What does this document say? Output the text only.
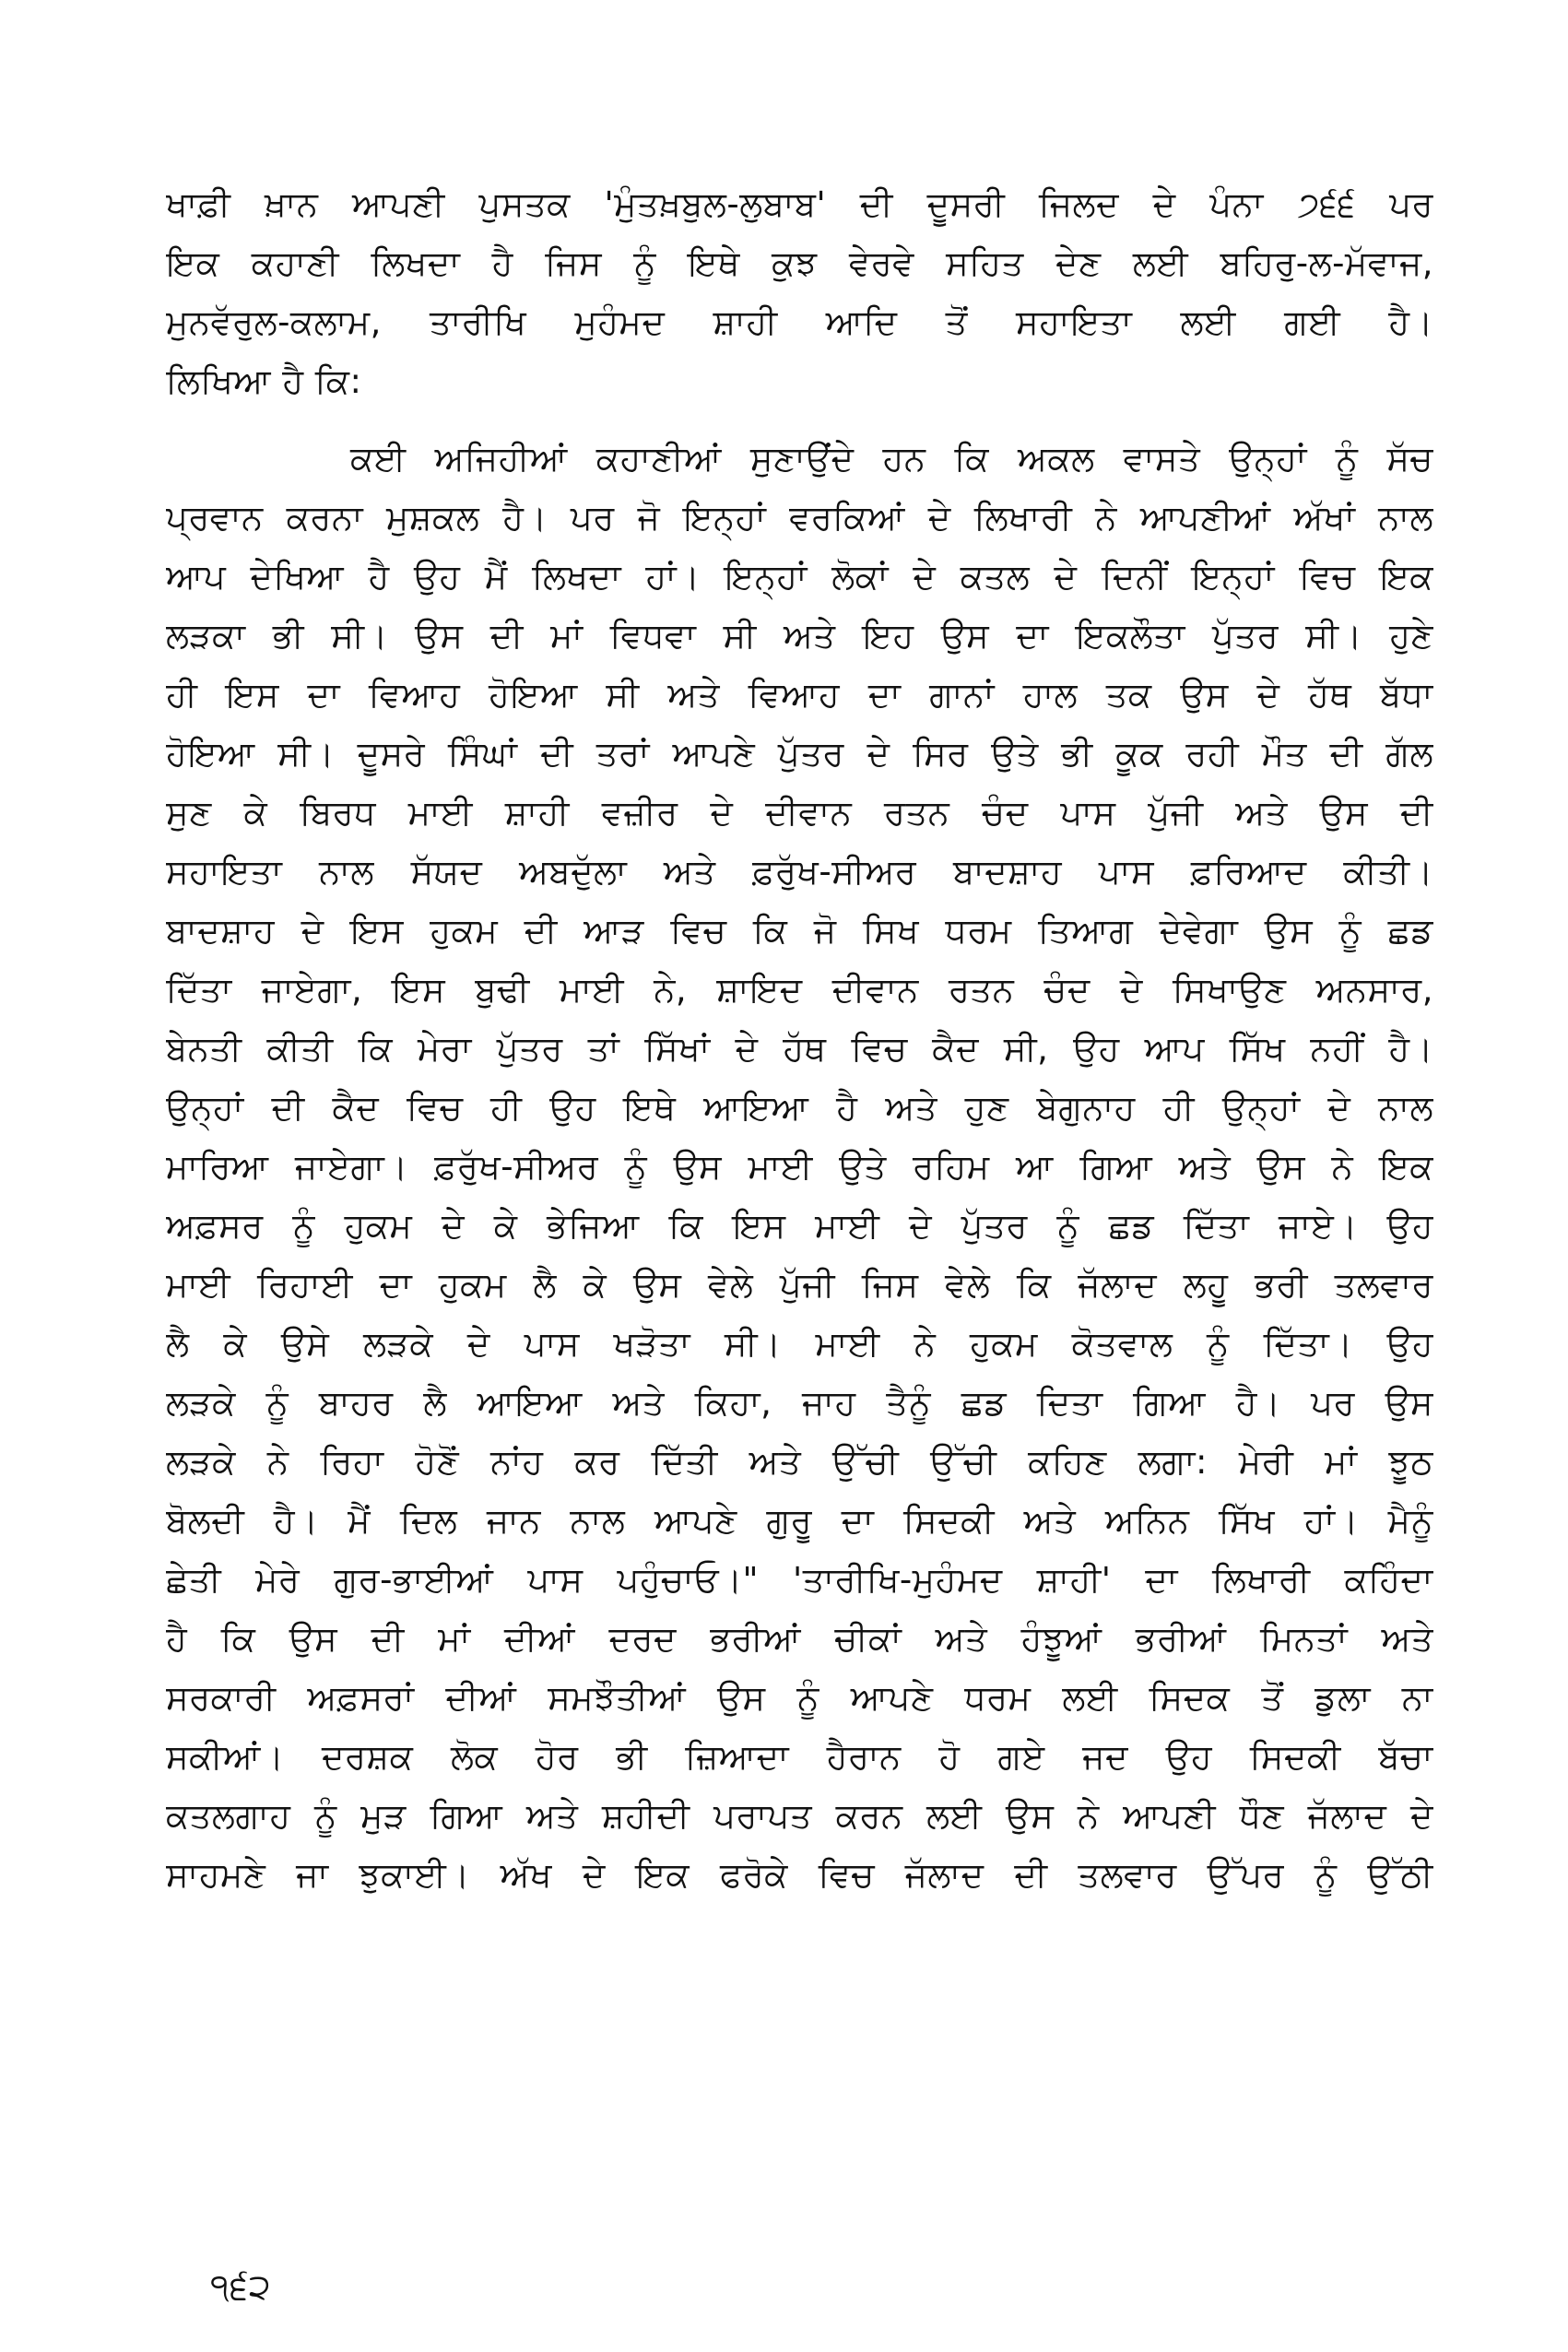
ਖਾਫ਼ੀ ਖ਼ਾਨ ਆਪਣੀ ਪੁਸਤਕ 'ਮੁੰਤਖ਼ਬੁਲ-ਲੁਬਾਬ' ਦੀ ਦੂਸਰੀ ਜਿਲਦ ਦੇ ਪੰਨਾ ੭੬੬ ਪਰ
ਇਕ ਕਹਾਣੀ ਲਿਖਦਾ ਹੈ ਜਿਸ ਨੂੰ ਇਥੇ ਕੁਝ ਵੇਰਵੇ ਸਹਿਤ ਦੇਣ ਲਈ ਬਹਿਰੁ-ਲ-ਮੱਵਾਜ,
ਮੁਨਵੱਰੁਲ-ਕਲਾਮ, ਤਾਰੀਖਿ ਮੁਹੰਮਦ ਸ਼ਾਹੀ ਆਦਿ ਤੋਂ ਸਹਾਇਤਾ ਲਈ ਗਈ ਹੈ।
ਲਿਖਿਆ ਹੈ ਕਿ:
ਕਈ ਅਜਿਹੀਆਂ ਕਹਾਣੀਆਂ ਸੁਣਾਉਂਦੇ ਹਨ ਕਿ ਅਕਲ ਵਾਸਤੇ ਉਨ੍ਹਾਂ ਨੂੰ ਸੱਚ
ਪ੍ਰਵਾਨ ਕਰਨਾ ਮੁਸ਼ਕਲ ਹੈ। ਪਰ ਜੋ ਇਨ੍ਹਾਂ ਵਰਕਿਆਂ ਦੇ ਲਿਖਾਰੀ ਨੇ ਆਪਣੀਆਂ ਅੱਖਾਂ ਨਾਲ
ਆਪ ਦੇਖਿਆ ਹੈ ਉਹ ਮੈਂ ਲਿਖਦਾ ਹਾਂ। ਇਨ੍ਹਾਂ ਲੋਕਾਂ ਦੇ ਕਤਲ ਦੇ ਦਿਨੀਂ ਇਨ੍ਹਾਂ ਵਿਚ ਇਕ
ਲੜਕਾ ਭੀ ਸੀ। ਉਸ ਦੀ ਮਾਂ ਵਿਧਵਾ ਸੀ ਅਤੇ ਇਹ ਉਸ ਦਾ ਇਕਲੌਤਾ ਪੁੱਤਰ ਸੀ। ਹੁਣੇ
ਹੀ ਇਸ ਦਾ ਵਿਆਹ ਹੋਇਆ ਸੀ ਅਤੇ ਵਿਆਹ ਦਾ ਗਾਨਾਂ ਹਾਲ ਤਕ ਉਸ ਦੇ ਹੱਥ ਬੱਧਾ
ਹੋਇਆ ਸੀ। ਦੂਸਰੇ ਸਿੰਘਾਂ ਦੀ ਤਰਾਂ ਆਪਣੇ ਪੁੱਤਰ ਦੇ ਸਿਰ ਉਤੇ ਭੀ ਕੂਕ ਰਹੀ ਮੌਤ ਦੀ ਗੱਲ
ਸੁਣ ਕੇ ਬਿਰਧ ਮਾਈ ਸ਼ਾਹੀ ਵਜ਼ੀਰ ਦੇ ਦੀਵਾਨ ਰਤਨ ਚੰਦ ਪਾਸ ਪੁੱਜੀ ਅਤੇ ਉਸ ਦੀ
ਸਹਾਇਤਾ ਨਾਲ ਸੱਯਦ ਅਬਦੁੱਲਾ ਅਤੇ ਫ਼ਰੁੱਖ-ਸੀਅਰ ਬਾਦਸ਼ਾਹ ਪਾਸ ਫ਼ਰਿਆਦ ਕੀਤੀ।
ਬਾਦਸ਼ਾਹ ਦੇ ਇਸ ਹੁਕਮ ਦੀ ਆੜ ਵਿਚ ਕਿ ਜੋ ਸਿਖ ਧਰਮ ਤਿਆਗ ਦੇਵੇਗਾ ਉਸ ਨੂੰ ਛਡ
ਦਿੱਤਾ ਜਾਏਗਾ, ਇਸ ਬੁਢੀ ਮਾਈ ਨੇ, ਸ਼ਾਇਦ ਦੀਵਾਨ ਰਤਨ ਚੰਦ ਦੇ ਸਿਖਾਉਣ ਅਨਸਾਰ,
ਬੇਨਤੀ ਕੀਤੀ ਕਿ ਮੇਰਾ ਪੁੱਤਰ ਤਾਂ ਸਿੱਖਾਂ ਦੇ ਹੱਥ ਵਿਚ ਕੈਦ ਸੀ, ਉਹ ਆਪ ਸਿੱਖ ਨਹੀਂ ਹੈ।
ਉਨ੍ਹਾਂ ਦੀ ਕੈਦ ਵਿਚ ਹੀ ਉਹ ਇਥੇ ਆਇਆ ਹੈ ਅਤੇ ਹੁਣ ਬੇਗੁਨਾਹ ਹੀ ਉਨ੍ਹਾਂ ਦੇ ਨਾਲ
ਮਾਰਿਆ ਜਾਏਗਾ। ਫ਼ਰੁੱਖ-ਸੀਅਰ ਨੂੰ ਉਸ ਮਾਈ ਉਤੇ ਰਹਿਮ ਆ ਗਿਆ ਅਤੇ ਉਸ ਨੇ ਇਕ
ਅਫ਼ਸਰ ਨੂੰ ਹੁਕਮ ਦੇ ਕੇ ਭੇਜਿਆ ਕਿ ਇਸ ਮਾਈ ਦੇ ਪੁੱਤਰ ਨੂੰ ਛਡ ਦਿੱਤਾ ਜਾਏ। ਉਹ
ਮਾਈ ਰਿਹਾਈ ਦਾ ਹੁਕਮ ਲੈ ਕੇ ਉਸ ਵੇਲੇ ਪੁੱਜੀ ਜਿਸ ਵੇਲੇ ਕਿ ਜੱਲਾਦ ਲਹੂ ਭਰੀ ਤਲਵਾਰ
ਲੈ ਕੇ ਉਸੇ ਲੜਕੇ ਦੇ ਪਾਸ ਖੜੋਤਾ ਸੀ। ਮਾਈ ਨੇ ਹੁਕਮ ਕੋਤਵਾਲ ਨੂੰ ਦਿੱਤਾ। ਉਹ
ਲੜਕੇ ਨੂੰ ਬਾਹਰ ਲੈ ਆਇਆ ਅਤੇ ਕਿਹਾ, ਜਾਹ ਤੈਨੂੰ ਛਡ ਦਿਤਾ ਗਿਆ ਹੈ। ਪਰ ਉਸ
ਲੜਕੇ ਨੇ ਰਿਹਾ ਹੋਣੋਂ ਨਾਂਹ ਕਰ ਦਿੱਤੀ ਅਤੇ ਉੱਚੀ ਉੱਚੀ ਕਹਿਣ ਲਗਾ: ਮੇਰੀ ਮਾਂ ਝੂਠ
ਬੋਲਦੀ ਹੈ। ਮੈਂ ਦਿਲ ਜਾਨ ਨਾਲ ਆਪਣੇ ਗੁਰੂ ਦਾ ਸਿਦਕੀ ਅਤੇ ਅਨਿਨ ਸਿੱਖ ਹਾਂ। ਮੈਨੂੰ
ਛੇਤੀ ਮੇਰੇ ਗੁਰ-ਭਾਈਆਂ ਪਾਸ ਪਹੁੰਚਾਓ।" 'ਤਾਰੀਖਿ-ਮੁਹੰਮਦ ਸ਼ਾਹੀ' ਦਾ ਲਿਖਾਰੀ ਕਹਿੰਦਾ
ਹੈ ਕਿ ਉਸ ਦੀ ਮਾਂ ਦੀਆਂ ਦਰਦ ਭਰੀਆਂ ਚੀਕਾਂ ਅਤੇ ਹੰਝੂਆਂ ਭਰੀਆਂ ਮਿਨਤਾਂ ਅਤੇ
ਸਰਕਾਰੀ ਅਫ਼ਸਰਾਂ ਦੀਆਂ ਸਮਝੌਤੀਆਂ ਉਸ ਨੂੰ ਆਪਣੇ ਧਰਮ ਲਈ ਸਿਦਕ ਤੋਂ ਡੁਲਾ ਨਾ
ਸਕੀਆਂ। ਦਰਸ਼ਕ ਲੋਕ ਹੋਰ ਭੀ ਜ਼ਿਆਦਾ ਹੈਰਾਨ ਹੋ ਗਏ ਜਦ ਉਹ ਸਿਦਕੀ ਬੱਚਾ
ਕਤਲਗਾਹ ਨੂੰ ਮੁੜ ਗਿਆ ਅਤੇ ਸ਼ਹੀਦੀ ਪਰਾਪਤ ਕਰਨ ਲਈ ਉਸ ਨੇ ਆਪਣੀ ਧੌਣ ਜੱਲਾਦ ਦੇ
ਸਾਹਮਣੇ ਜਾ ਝੁਕਾਈ। ਅੱਖ ਦੇ ਇਕ ਫਰੋਕੇ ਵਿਚ ਜੱਲਾਦ ਦੀ ਤਲਵਾਰ ਉੱਪਰ ਨੂੰ ਉੱਠੀ
੧੬੨
